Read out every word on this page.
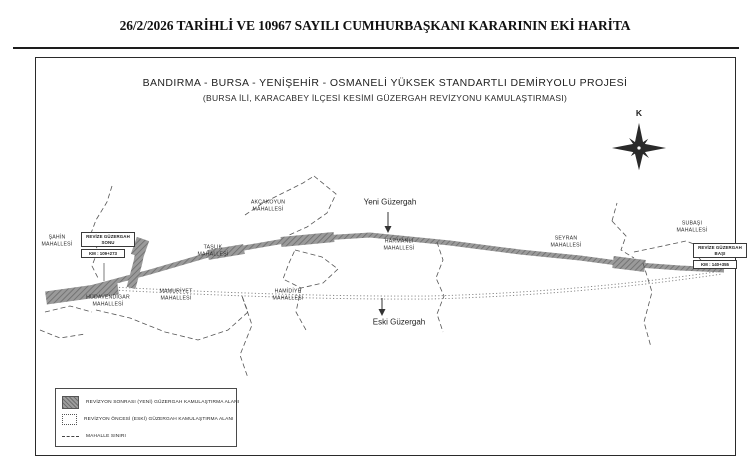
26/2/2026 TARİHLİ VE 10967 SAYILI CUMHURBAŞKANI KARARININ EKİ HARİTA
BANDIRMA - BURSA - YENİŞEHİR - OSMANELİ YÜKSEK STANDARTLI DEMİRYOLU PROJESİ
(BURSA İLİ, KARACABEY İLÇESİ KESİMİ GÜZERGAH REVİZYONU KAMULAŞTIRMASI)
K
ŞAHİN
MAHALLESİ
HÜDAVENDİGAR
MAHALLESİ
TAŞLIK
MAHALLESİ
MAMURİYET
MAHALLESİ
AKÇAKOYUN
MAHALLESİ
HAMİDİYE
MAHALLESİ
HARMANLI
MAHALLESİ
SEYRAN
MAHALLESİ
SUBAŞI
MAHALLESİ
REVİZE GÜZERGAH SONU
KM : 109+273
REVİZE GÜZERGAH BAŞI
KM : 140+355
Yeni Güzergah
Eski Güzergah
REVİZYON SONRASI (YENİ) GÜZERGAH KAMULAŞTIRMA ALANI
REVİZYON ÖNCESİ (ESKİ) GÜZERGAH KAMULAŞTIRMA ALANI
MAHALLE SINIRI
